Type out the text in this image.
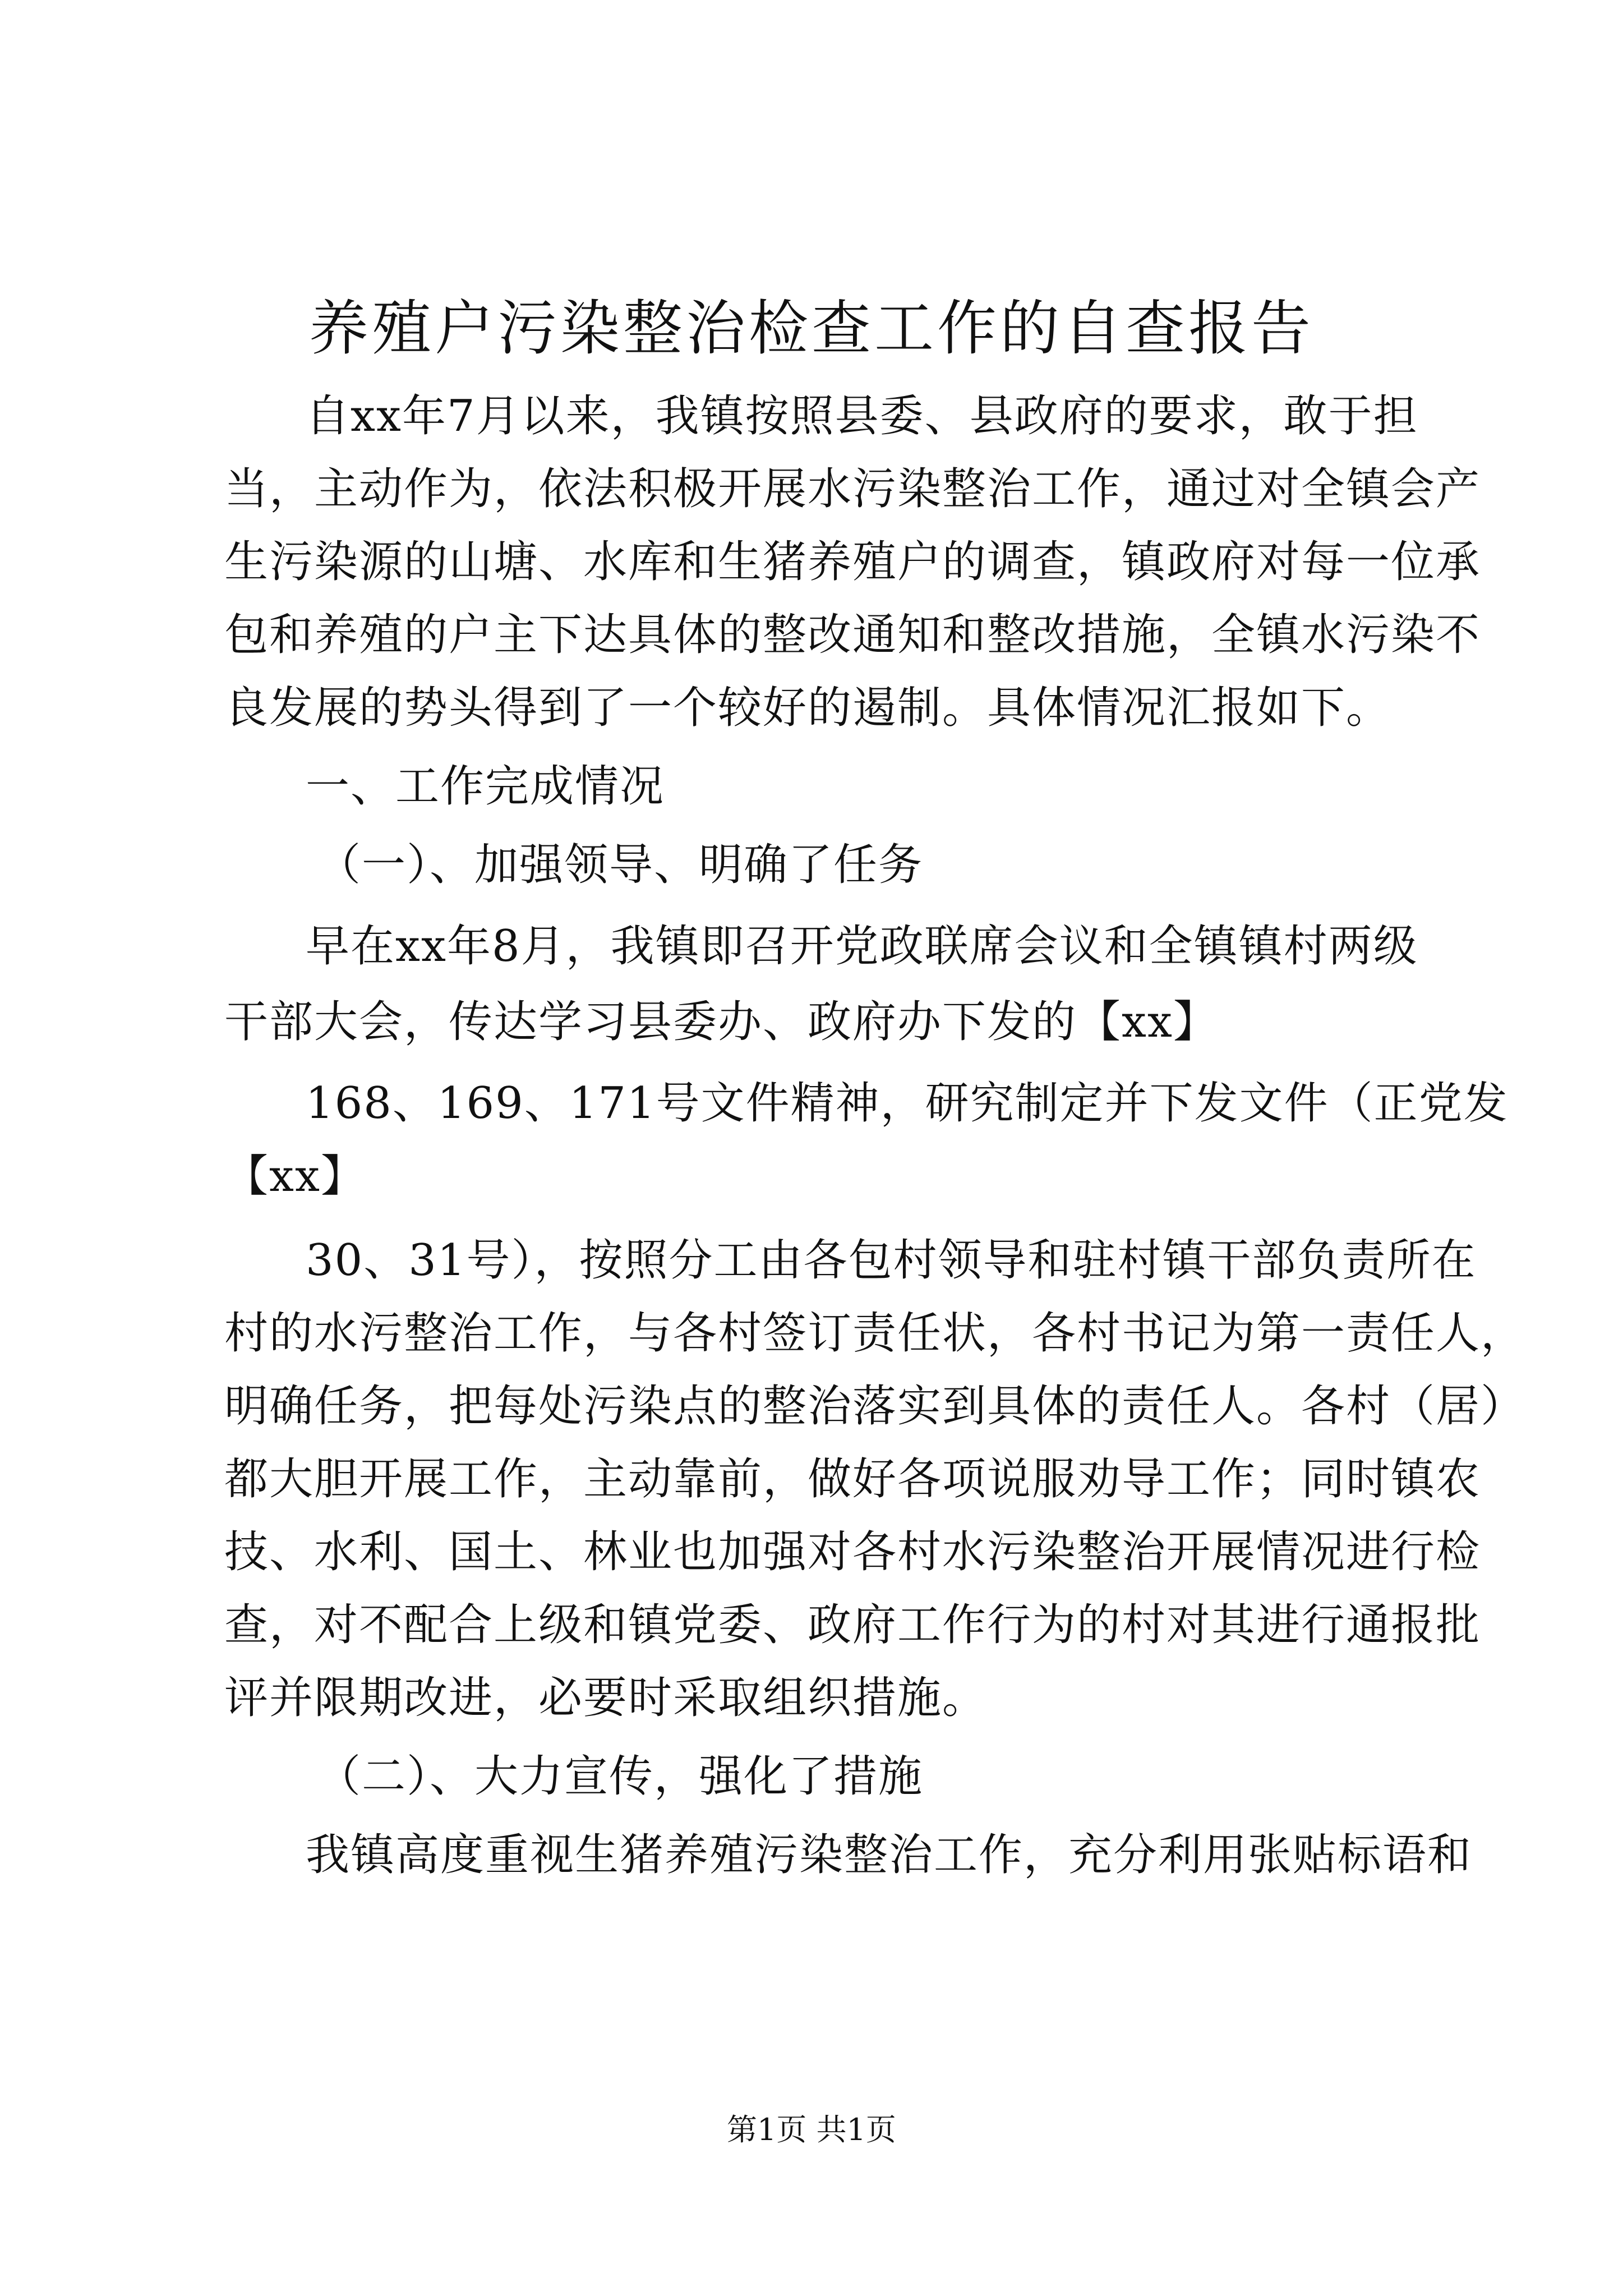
养殖户污染整治检查工作的自查报告
自xx年7月以来，我镇按照县委、县政府的要求，敢于担
当，主动作为，依法积极开展水污染整治工作，通过对全镇会产
生污染源的山塘、水库和生猪养殖户的调查，镇政府对每一位承
包和养殖的户主下达具体的整改通知和整改措施，全镇水污染不
良发展的势头得到了一个较好的遏制。具体情况汇报如下。
一、工作完成情况
（一）、加强领导、明确了任务
早在xx年8月，我镇即召开党政联席会议和全镇镇村两级
干部大会，传达学习县委办、政府办下发的【xx】
168、169、171号文件精神，研究制定并下发文件（正党发
【xx】
30、31号），按照分工由各包村领导和驻村镇干部负责所在
村的水污整治工作，与各村签订责任状，各村书记为第一责任人，
明确任务，把每处污染点的整治落实到具体的责任人。各村（居）
都大胆开展工作，主动靠前，做好各项说服劝导工作；同时镇农
技、水利、国土、林业也加强对各村水污染整治开展情况进行检
查，对不配合上级和镇党委、政府工作行为的村对其进行通报批
评并限期改进，必要时采取组织措施。
（二）、大力宣传，强化了措施
我镇高度重视生猪养殖污染整治工作，充分利用张贴标语和
第1页 共1页
